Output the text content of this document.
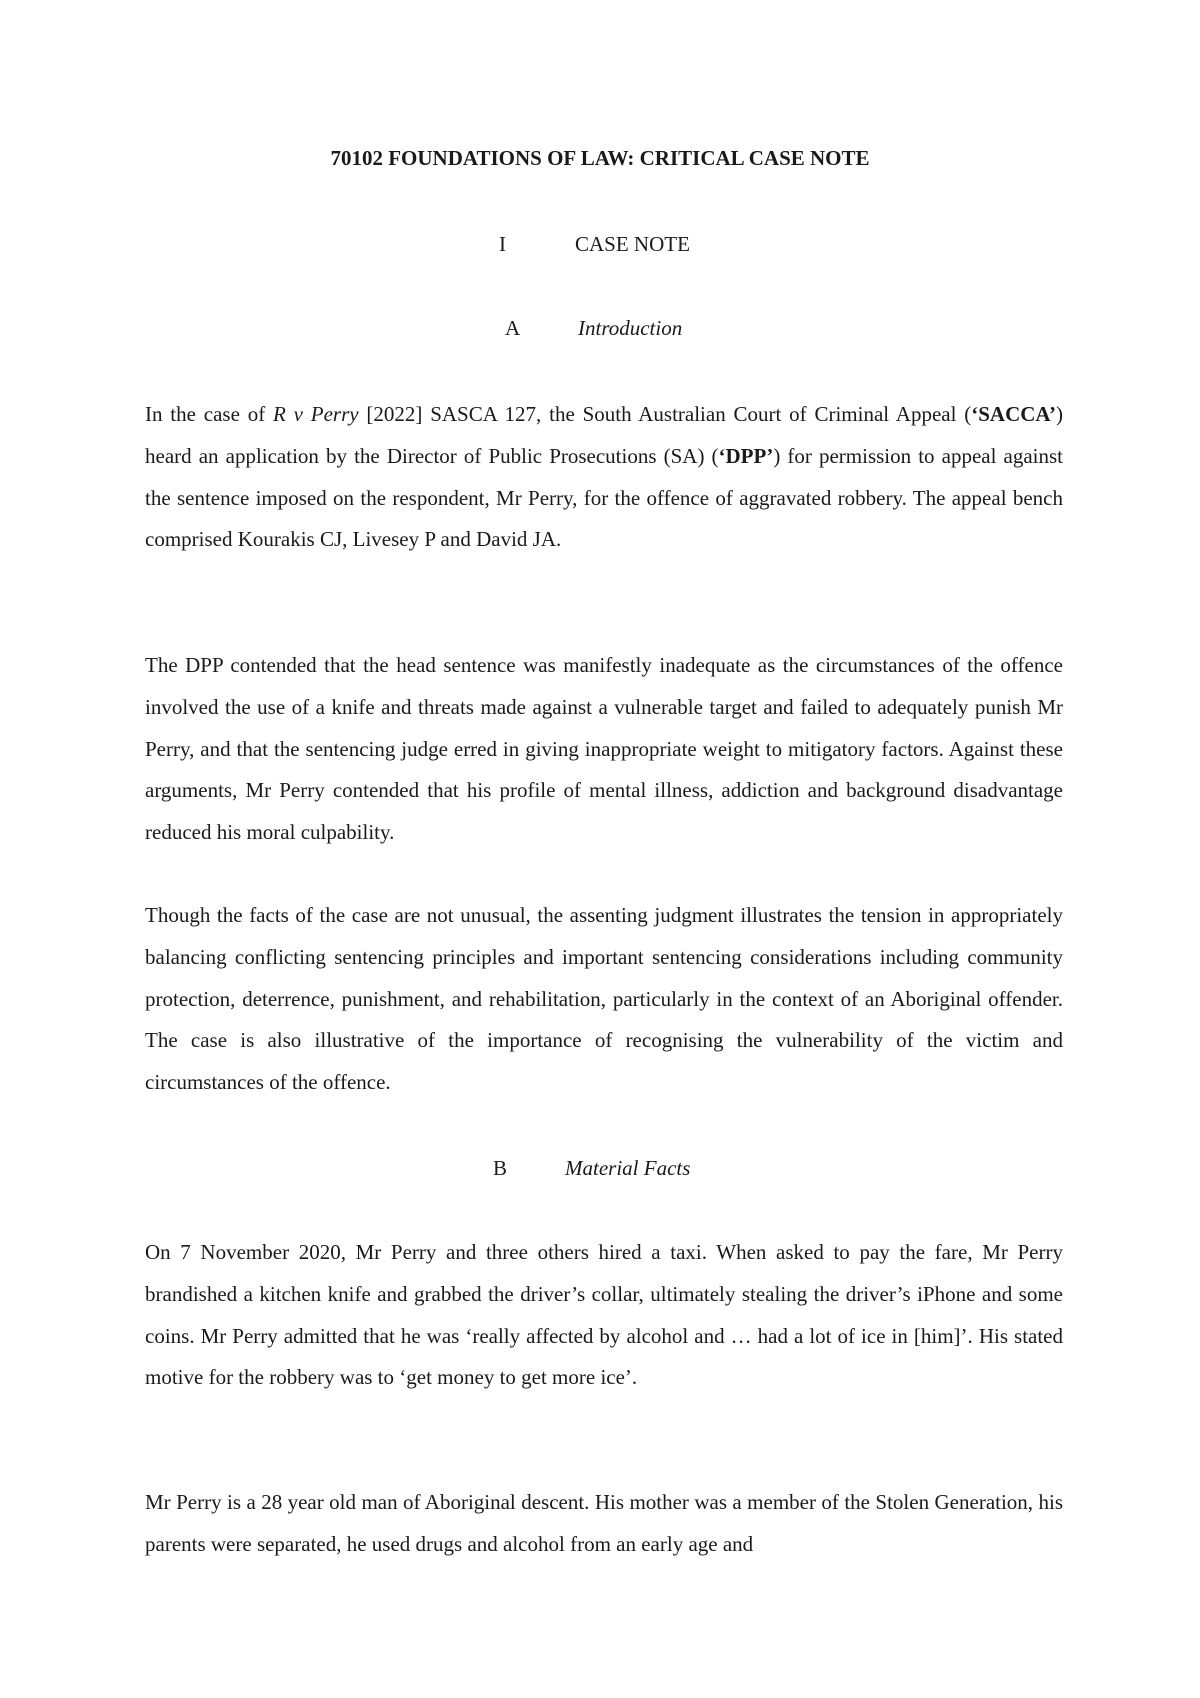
70102 FOUNDATIONS OF LAW: CRITICAL CASE NOTE
I	CASE NOTE
A	Introduction

In the case of R v Perry [2022] SASCA 127, the South Australian Court of Criminal Appeal (‘SACCA’) heard an application by the Director of Public Prosecutions (SA) (‘DPP’) for permission to appeal against the sentence imposed on the respondent, Mr Perry, for the offence of aggravated robbery. The appeal bench comprised Kourakis CJ, Livesey P and David JA.

The DPP contended that the head sentence was manifestly inadequate as the circumstances of the offence involved the use of a knife and threats made against a vulnerable target and failed to adequately punish Mr Perry, and that the sentencing judge erred in giving inappropriate weight to mitigatory factors. Against these arguments, Mr Perry contended that his profile of mental illness, addiction and background disadvantage reduced his moral culpability.

Though the facts of the case are not unusual, the assenting judgment illustrates the tension in appropriately balancing conflicting sentencing principles and important sentencing considerations including community protection, deterrence, punishment, and rehabilitation, particularly in the context of an Aboriginal offender. The case is also illustrative of the importance of recognising the vulnerability of the victim and circumstances of the offence.

B	Material Facts

On 7 November 2020, Mr Perry and three others hired a taxi. When asked to pay the fare, Mr Perry brandished a kitchen knife and grabbed the driver’s collar, ultimately stealing the driver’s iPhone and some coins. Mr Perry admitted that he was ‘really affected by alcohol and … had a lot of ice in [him]’. His stated motive for the robbery was to ‘get money to get more ice’.

Mr Perry is a 28 year old man of Aboriginal descent. His mother was a member of the Stolen Generation, his parents were separated, he used drugs and alcohol from an early age and
